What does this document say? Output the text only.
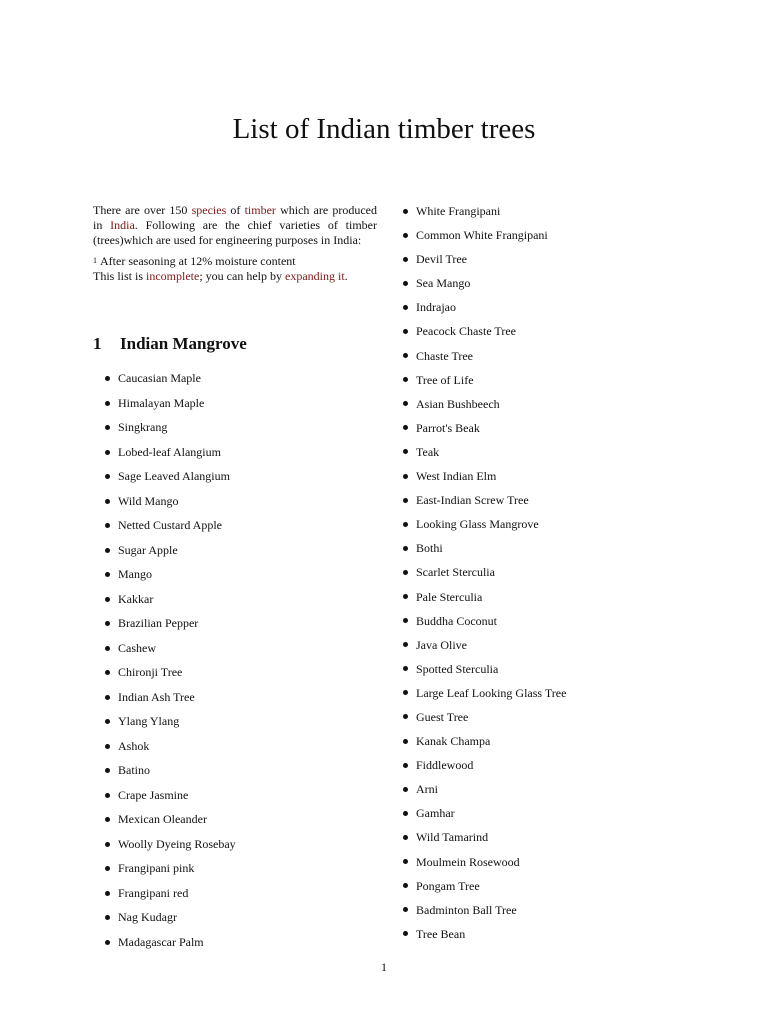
List of Indian timber trees

There are over 150 species of timber which are produced in India. Following are the chief varieties of timber (trees)which are used for engineering purposes in India:

$^1$ After seasoning at 12% moisture content
This list is incomplete; you can help by expanding it.
1 Indian Mangrove
Caucasian Maple
Himalayan Maple
Singkrang
Lobed-leaf Alangium
Sage Leaved Alangium
Wild Mango
Netted Custard Apple
Sugar Apple
Mango
Kakkar
Brazilian Pepper
Cashew
Chironji Tree
Indian Ash Tree
Ylang Ylang
Ashok
Batino
Crape Jasmine
Mexican Oleander
Woolly Dyeing Rosebay
Frangipani pink
Frangipani red
Nag Kudagr
Madagascar Palm
White Frangipani
Common White Frangipani
Devil Tree
Sea Mango
Indrajao
Peacock Chaste Tree
Chaste Tree
Tree of Life
Asian Bushbeech
Parrot's Beak
Teak
West Indian Elm
East-Indian Screw Tree
Looking Glass Mangrove
Bothi
Scarlet Sterculia
Pale Sterculia
Buddha Coconut
Java Olive
Spotted Sterculia
Large Leaf Looking Glass Tree
Guest Tree
Kanak Champa
Fiddlewood
Arni
Gamhar
Wild Tamarind
Moulmein Rosewood
Pongam Tree
Badminton Ball Tree
Tree Bean
1
